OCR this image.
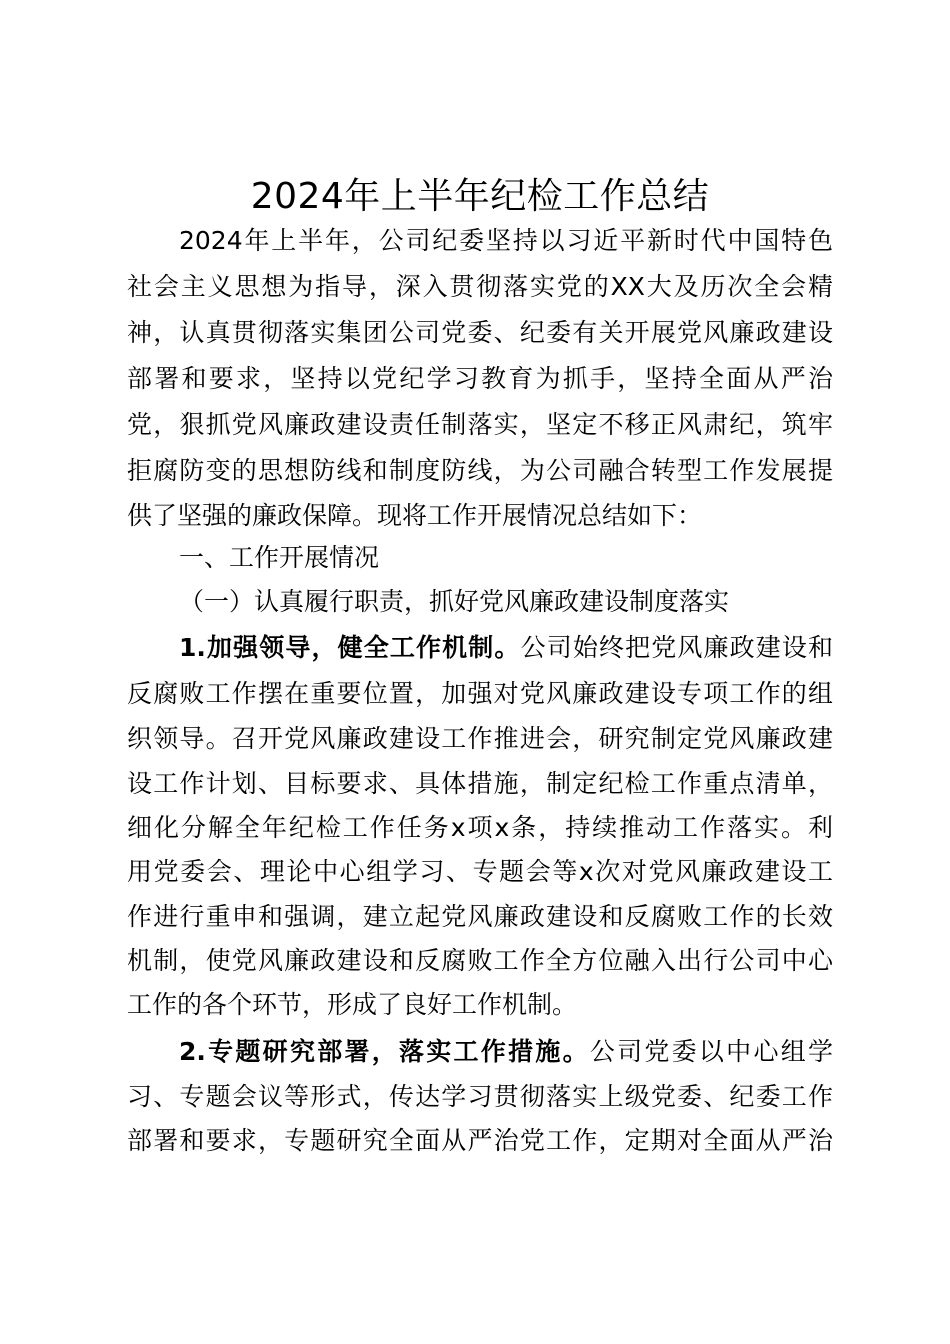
2024年上半年纪检工作总结
2024年上半年，公司纪委坚持以习近平新时代中国特色
社会主义思想为指导，深入贯彻落实党的XX大及历次全会精
神，认真贯彻落实集团公司党委、纪委有关开展党风廉政建设
部署和要求，坚持以党纪学习教育为抓手，坚持全面从严治
党，狠抓党风廉政建设责任制落实，坚定不移正风肃纪，筑牢
拒腐防变的思想防线和制度防线，为公司融合转型工作发展提
供了坚强的廉政保障。现将工作开展情况总结如下：
一、工作开展情况
（一）认真履行职责，抓好党风廉政建设制度落实
1.加强领导，健全工作机制。公司始终把党风廉政建设和
反腐败工作摆在重要位置，加强对党风廉政建设专项工作的组
织领导。召开党风廉政建设工作推进会，研究制定党风廉政建
设工作计划、目标要求、具体措施，制定纪检工作重点清单，
细化分解全年纪检工作任务x项x条，持续推动工作落实。利
用党委会、理论中心组学习、专题会等x次对党风廉政建设工
作进行重申和强调，建立起党风廉政建设和反腐败工作的长效
机制，使党风廉政建设和反腐败工作全方位融入出行公司中心
工作的各个环节，形成了良好工作机制。
2.专题研究部署，落实工作措施。公司党委以中心组学
习、专题会议等形式，传达学习贯彻落实上级党委、纪委工作
部署和要求，专题研究全面从严治党工作，定期对全面从严治
